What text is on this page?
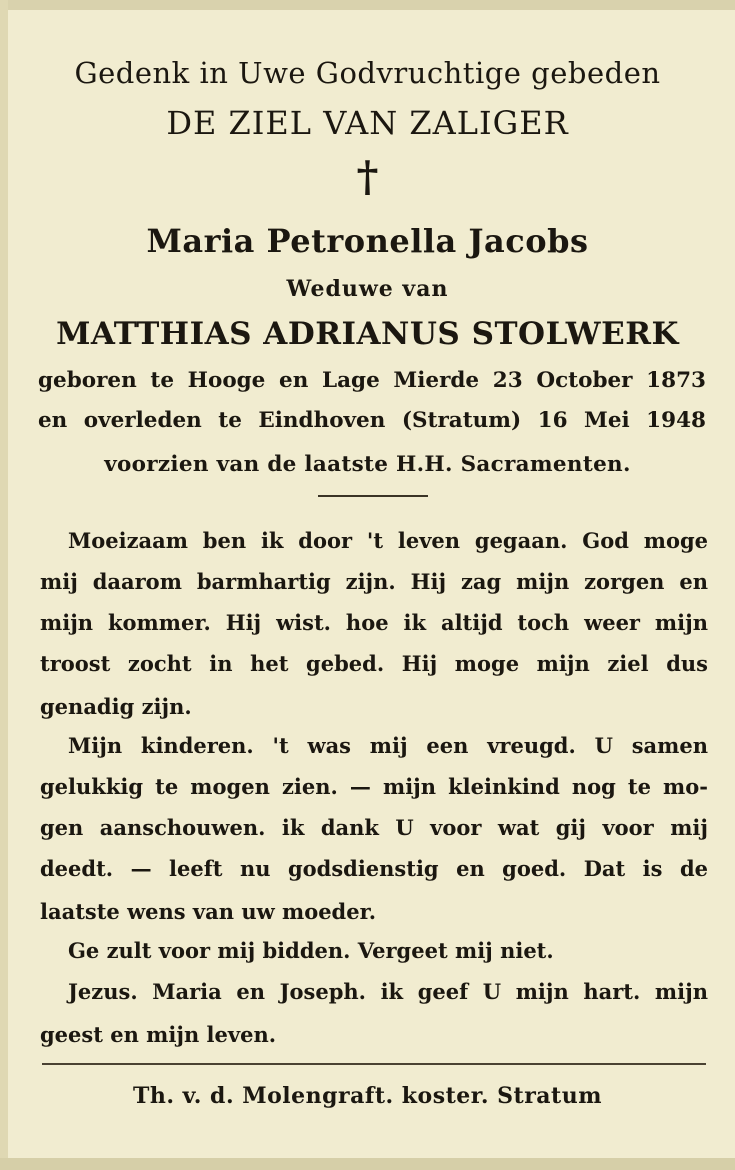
Gedenk in Uwe Godvruchtige gebeden
DE ZIEL VAN ZALIGER
†
Maria Petronella Jacobs
Weduwe van
MATTHIAS ADRIANUS STOLWERK
geboren te Hooge en Lage Mierde 23 October 1873
en overleden te Eindhoven (Stratum) 16 Mei 1948
voorzien van de laatste H.H. Sacramenten.
Moeizaam ben ik door 't leven gegaan. God moge
mij daarom barmhartig zijn. Hij zag mijn zorgen en
mijn kommer. Hij wist. hoe ik altijd toch weer mijn
troost zocht in het gebed. Hij moge mijn ziel dus
genadig zijn.
Mijn kinderen. 't was mij een vreugd. U samen
gelukkig te mogen zien. — mijn kleinkind nog te mo-
gen aanschouwen. ik dank U voor wat gij voor mij
deedt. — leeft nu godsdienstig en goed. Dat is de
laatste wens van uw moeder.
Ge zult voor mij bidden. Vergeet mij niet.
Jezus. Maria en Joseph. ik geef U mijn hart. mijn
geest en mijn leven.
Th. v. d. Molengraft. koster. Stratum
